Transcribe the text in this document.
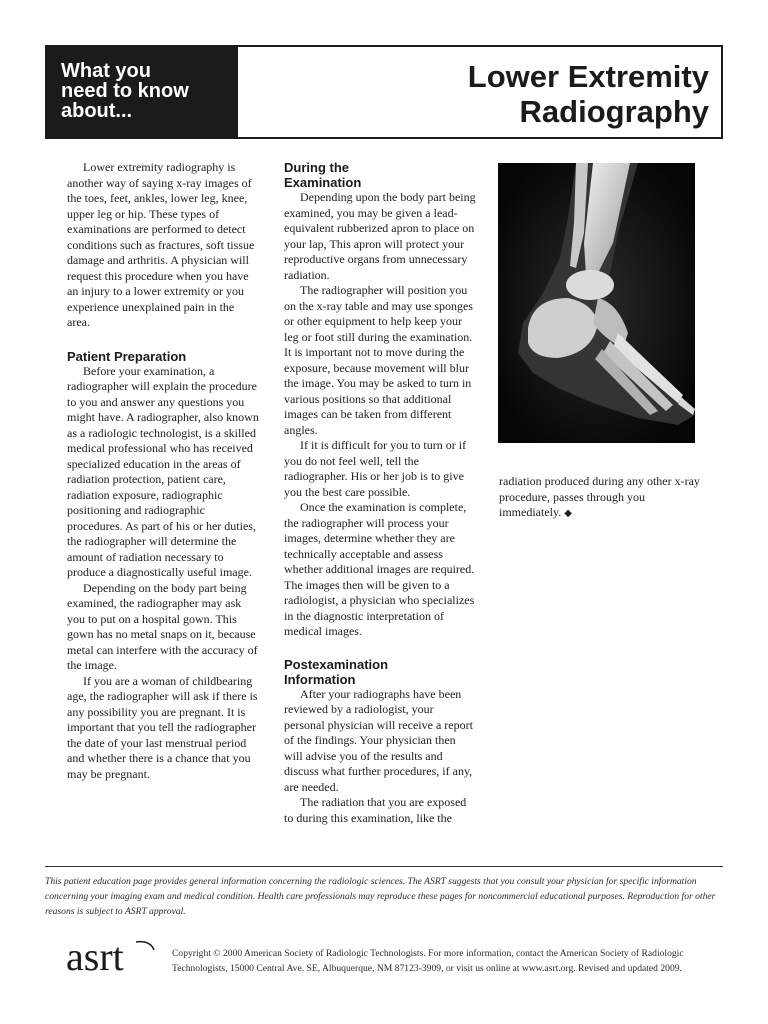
What you
need to know
about...
Lower Extremity
Radiography

Lower extremity radiography is another way of saying x-ray images of the toes, feet, ankles, lower leg, knee, upper leg or hip. These types of examinations are performed to detect conditions such as fractures, soft tissue damage and arthritis. A physician will request this procedure when you have an injury to a lower extremity or you experience unexplained pain in the area.

Patient Preparation

Before your examination, a radiographer will explain the procedure to you and answer any questions you might have. A radiographer, also known as a radiologic technologist, is a skilled medical professional who has received specialized education in the areas of radiation protection, patient care, radiation exposure, radiographic positioning and radiographic procedures. As part of his or her duties, the radiographer will determine the amount of radiation necessary to produce a diagnostically useful image.

Depending on the body part being examined, the radiographer may ask you to put on a hospital gown. This gown has no metal snaps on it, because metal can interfere with the accuracy of the image.

If you are a woman of childbearing age, the radiographer will ask if there is any possibility you are pregnant. It is important that you tell the radiographer the date of your last menstrual period and whether there is a chance that you may be pregnant.

During the
Examination

Depending upon the body part being examined, you may be given a lead-equivalent rubberized apron to place on your lap, This apron will protect your reproductive organs from unnecessary radiation.

The radiographer will position you on the x-ray table and may use sponges or other equipment to help keep your leg or foot still during the examination. It is important not to move during the exposure, because movement will blur the image. You may be asked to turn in various positions so that additional images can be taken from different angles.

If it is difficult for you to turn or if you do not feel well, tell the radiographer. His or her job is to give you the best care possible.

Once the examination is complete, the radiographer will process your images, determine whether they are technically acceptable and assess whether additional images are required. The images then will be given to a radiologist, a physician who specializes in the diagnostic interpretation of medical images.

Postexamination
Information

After your radiographs have been reviewed by a radiologist, your personal physician will receive a report of the findings. Your physician then will advise you of the results and discuss what further procedures, if any, are needed.

The radiation that you are exposed to during this examination, like the

radiation produced during any other x-ray procedure, passes through you immediately. ◆
This patient education page provides general information concerning the radiologic sciences. The ASRT suggests that you consult your physician for specific information concerning your imaging exam and medical condition. Health care professionals may reproduce these pages for noncommercial educational purposes. Reproduction for other reasons is subject to ASRT approval.
asrt	Copyright © 2000 American Society of Radiologic Technologists. For more information, contact the American Society of Radiologic Technologists, 15000 Central Ave. SE, Albuquerque, NM 87123-3909, or visit us online at www.asrt.org. Revised and updated 2009.
